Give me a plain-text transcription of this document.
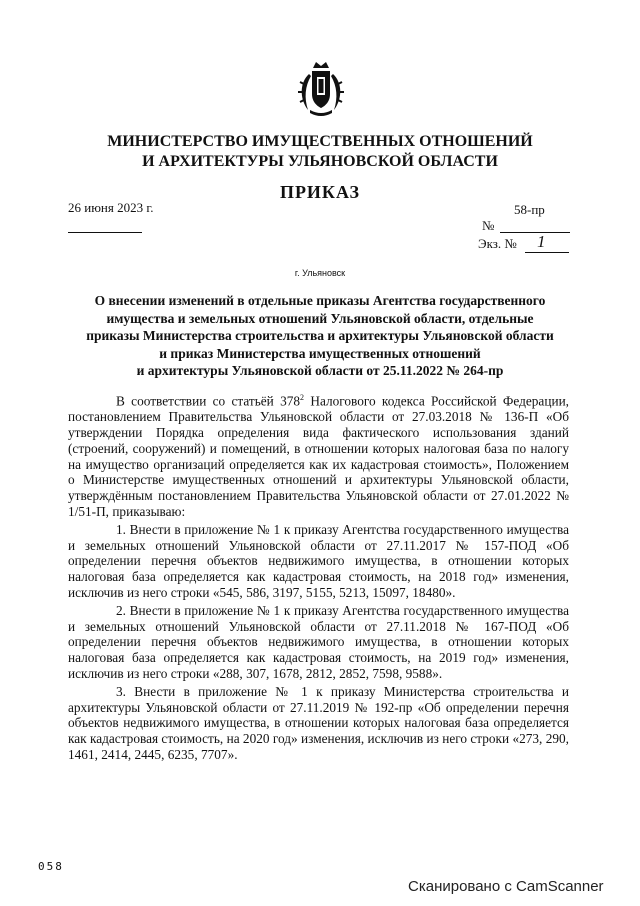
МИНИСТЕРСТВО ИМУЩЕСТВЕННЫХ ОТНОШЕНИЙ
И АРХИТЕКТУРЫ УЛЬЯНОВСКОЙ ОБЛАСТИ
ПРИКАЗ
26 июня 2023 г.	58-пр
№
Экз. № 1
г. Ульяновск
О внесении изменений в отдельные приказы Агентства государственного
имущества и земельных отношений Ульяновской области, отдельные
приказы Министерства строительства и архитектуры Ульяновской области
и приказ Министерства имущественных отношений
и архитектуры Ульяновской области от 25.11.2022 № 264-пр

В соответствии со статьёй $378^2$ Налогового кодекса Российской Федерации, постановлением Правительства Ульяновской области от 27.03.2018 № 136-П «Об утверждении Порядка определения вида фактического использования зданий (строений, сооружений) и помещений, в отношении которых налоговая база по налогу на имущество организаций определяется как их кадастровая стоимость», Положением о Министерстве имущественных отношений и архитектуры Ульяновской области, утверждённым постановлением Правительства Ульяновской области от 27.01.2022 № 1/51-П, приказываю:

1. Внести в приложение № 1 к приказу Агентства государственного имущества и земельных отношений Ульяновской области от 27.11.2017 № 157-ПОД «Об определении перечня объектов недвижимого имущества, в отношении которых налоговая база определяется как кадастровая стоимость, на 2018 год» изменения, исключив из него строки «545, 586, 3197, 5155, 5213, 15097, 18480».

2. Внести в приложение № 1 к приказу Агентства государственного имущества и земельных отношений Ульяновской области от 27.11.2018 № 167-ПОД «Об определении перечня объектов недвижимого имущества, в отношении которых налоговая база определяется как кадастровая стоимость, на 2019 год» изменения, исключив из него строки «288, 307, 1678, 2812, 2852, 7598, 9588».

3. Внести в приложение № 1 к приказу Министерства строительства и архитектуры Ульяновской области от 27.11.2019 № 192-пр «Об определении перечня объектов недвижимого имущества, в отношении которых налоговая база определяется как кадастровая стоимость, на 2020 год» изменения, исключив из него строки «273, 290, 1461, 2414, 2445, 6235, 7707».

058
Сканировано с CamScanner
